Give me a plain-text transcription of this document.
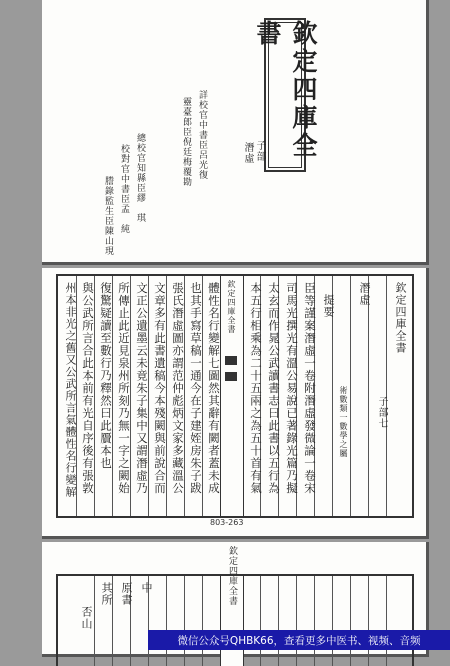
欽定四庫全書
子部
潛虛
詳校官中書臣呂光復
靈臺郎臣倪廷梅覆勘
總校官知縣臣繆　琪
校對官中書臣孟　純
謄錄監生臣陳山現
欽定四庫全書	欽定四庫全書
子部七
潛虛
術數類一數學之屬
提要
臣等謹案潛虛一卷附潛虛發微論一卷宋
司馬光撰光有溫公易說已著錄光篇乃擬
太玄而作晁公武讀書志曰此書以五行為
本五行相乘為二十五兩之為五十首有氣
體性名行變解七圖然其辭有闕者蓋未成
也其手寫草稿一通今在子建姪房朱子跋
張氏潛虛圖亦謂范仲彪炳文家多藏溫公
文章多有此書遺稿今本殘闕與前說合而
文正公遺墨云未竟朱子集中又謂潛虛乃
所傳止此近見泉州所刻乃無一字之闕始
復驚疑讀至數行乃釋然曰此贗本也
與公武所言合此本前有光自序後有張敦
州本非光之舊又公武所言氣體性名行變解
803-263
中
原書
其所
否山
欽定四庫全書
微信公众号QHBK66，查看更多中医书、视频、音频
